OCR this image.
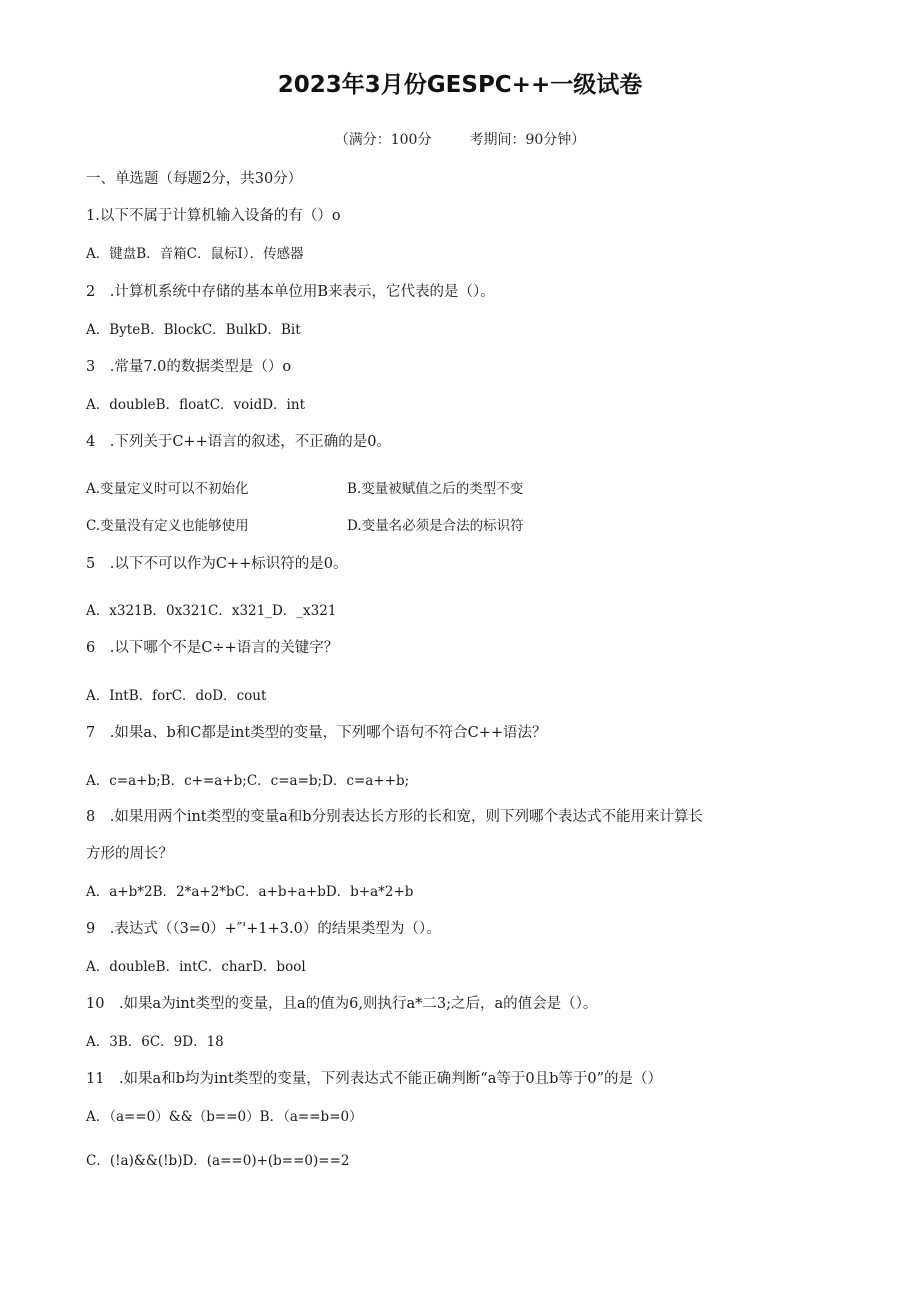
2023年3月份GESPC++一级试卷
（满分：100分	考期间：90分钟）
一、单选题（每题2分，共30分）
1.以下不属于计算机输入设备的有（）o
A．键盘B．音箱C．鼠标I）．传感器
2　.计算机系统中存储的基本单位用B来表示，它代表的是（）。
A．ByteB．BlockC．BulkD．Bit
3　.常量7.0的数据类型是（）o
A．doubleB．floatC．voidD．int
4　.下列关于C++语言的叙述，不正确的是0。
A.变量定义时可以不初始化	B.变量被赋值之后的类型不变
C.变量没有定义也能够使用	D.变量名必须是合法的标识符
5　.以下不可以作为C++标识符的是0。
A．x321B．0x321C．x321_D．_x321
6　.以下哪个不是C÷+语言的关键字？
A．IntB．forC．doD．cout
7　.如果a、b和C都是int类型的变量，下列哪个语句不符合C++语法？
A．c=a+b;B．c+=a+b;C．c=a=b;D．c=a++b;
8　.如果用两个int类型的变量a和b分别表达长方形的长和宽，则下列哪个表达式不能用来计算长
方形的周长？
A．a+b*2B．2*a+2*bC．a+b+a+bD．b+a*2+b
9　.表达式（（3=0）+″'+1+3.0）的结果类型为（）。
A．doubleB．intC．charD．bool
10　.如果a为int类型的变量，且a的值为6,则执行a*二3;之后，a的值会是（）。
A．3B．6C．9D．18
11　.如果a和b均为int类型的变量，下列表达式不能正确判断“a等于0且b等于0”的是（）
A．（a==0）&&（b==0）B．（a==b=0）
C．(!a)&&(!b)D．(a==0)+(b==0)==2
